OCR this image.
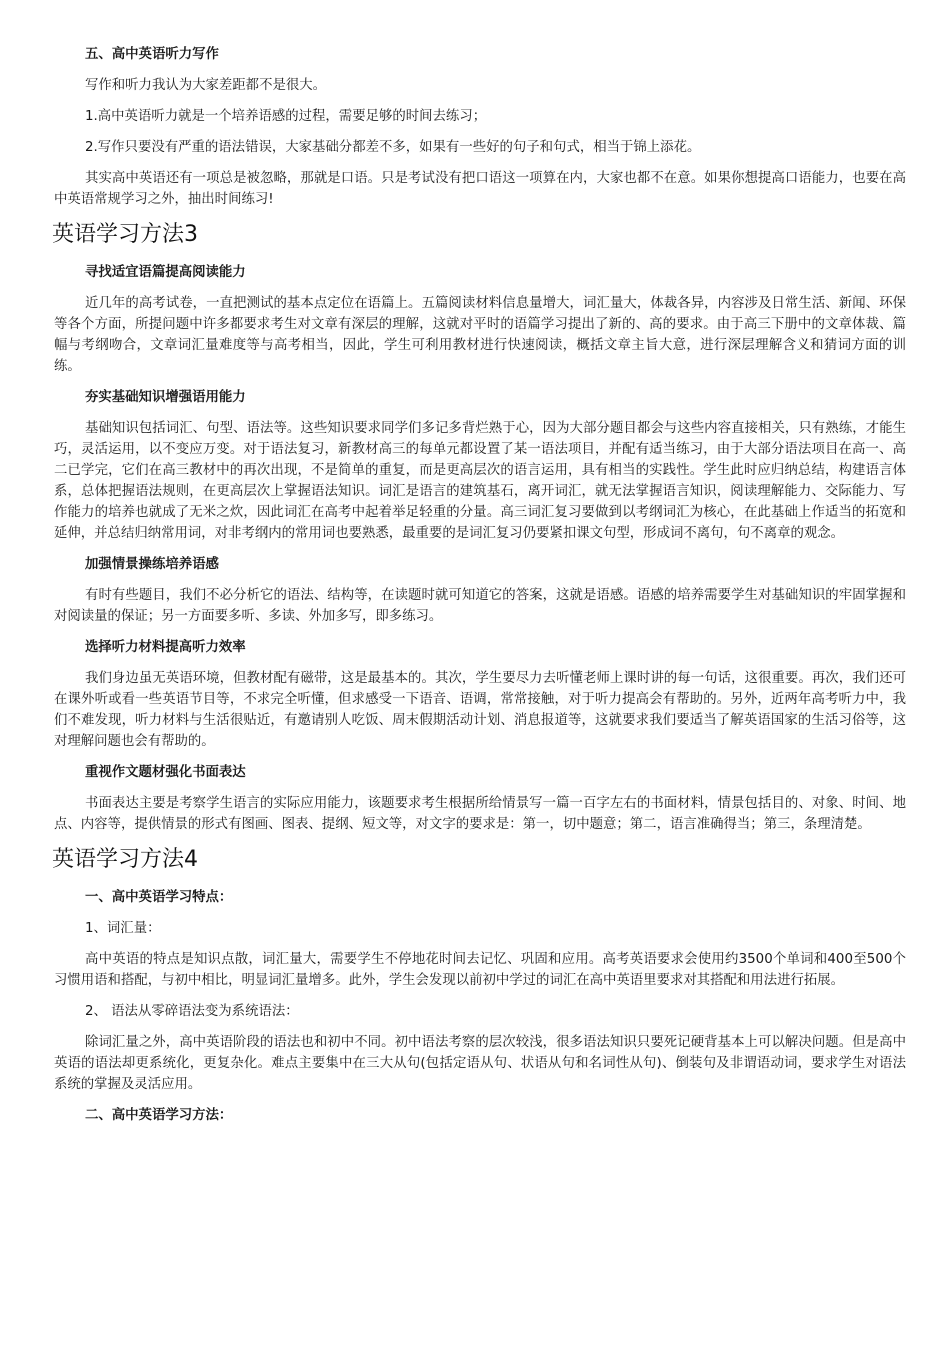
五、高中英语听力写作

写作和听力我认为大家差距都不是很大。

1.高中英语听力就是一个培养语感的过程，需要足够的时间去练习；

2.写作只要没有严重的语法错误，大家基础分都差不多，如果有一些好的句子和句式，相当于锦上添花。

其实高中英语还有一项总是被忽略，那就是口语。只是考试没有把口语这一项算在内，大家也都不在意。如果你想提高口语能力，也要在高中英语常规学习之外，抽出时间练习!

英语学习方法3
寻找适宜语篇提高阅读能力

近几年的高考试卷，一直把测试的基本点定位在语篇上。五篇阅读材料信息量增大，词汇量大，体裁各异，内容涉及日常生活、新闻、环保等各个方面，所提问题中许多都要求考生对文章有深层的理解，这就对平时的语篇学习提出了新的、高的要求。由于高三下册中的文章体裁、篇幅与考纲吻合，文章词汇量难度等与高考相当，因此，学生可利用教材进行快速阅读，概括文章主旨大意，进行深层理解含义和猜词方面的训练。

夯实基础知识增强语用能力

基础知识包括词汇、句型、语法等。这些知识要求同学们多记多背烂熟于心，因为大部分题目都会与这些内容直接相关，只有熟练，才能生巧，灵活运用，以不变应万变。对于语法复习，新教材高三的每单元都设置了某一语法项目，并配有适当练习，由于大部分语法项目在高一、高二已学完，它们在高三教材中的再次出现，不是简单的重复，而是更高层次的语言运用，具有相当的实践性。学生此时应归纳总结，构建语言体系，总体把握语法规则，在更高层次上掌握语法知识。词汇是语言的建筑基石，离开词汇，就无法掌握语言知识，阅读理解能力、交际能力、写作能力的培养也就成了无米之炊，因此词汇在高考中起着举足轻重的分量。高三词汇复习要做到以考纲词汇为核心，在此基础上作适当的拓宽和延伸，并总结归纳常用词，对非考纲内的常用词也要熟悉，最重要的是词汇复习仍要紧扣课文句型，形成词不离句，句不离章的观念。

加强情景操练培养语感

有时有些题目，我们不必分析它的语法、结构等，在读题时就可知道它的答案，这就是语感。语感的培养需要学生对基础知识的牢固掌握和对阅读量的保证；另一方面要多听、多读、外加多写，即多练习。

选择听力材料提高听力效率

我们身边虽无英语环境，但教材配有磁带，这是最基本的。其次，学生要尽力去听懂老师上课时讲的每一句话，这很重要。再次，我们还可在课外听或看一些英语节目等，不求完全听懂，但求感受一下语音、语调，常常接触，对于听力提高会有帮助的。另外，近两年高考听力中，我们不难发现，听力材料与生活很贴近，有邀请别人吃饭、周末假期活动计划、消息报道等，这就要求我们要适当了解英语国家的生活习俗等，这对理解问题也会有帮助的。

重视作文题材强化书面表达

书面表达主要是考察学生语言的实际应用能力，该题要求考生根据所给情景写一篇一百字左右的书面材料，情景包括目的、对象、时间、地点、内容等，提供情景的形式有图画、图表、提纲、短文等，对文字的要求是：第一，切中题意；第二，语言准确得当；第三，条理清楚。

英语学习方法4
一、高中英语学习特点：

1、词汇量：

高中英语的特点是知识点散，词汇量大，需要学生不停地花时间去记忆、巩固和应用。高考英语要求会使用约3500个单词和400至500个习惯用语和搭配，与初中相比，明显词汇量增多。此外，学生会发现以前初中学过的词汇在高中英语里要求对其搭配和用法进行拓展。

2、 语法从零碎语法变为系统语法：

除词汇量之外，高中英语阶段的语法也和初中不同。初中语法考察的层次较浅，很多语法知识只要死记硬背基本上可以解决问题。但是高中英语的语法却更系统化，更复杂化。难点主要集中在三大从句(包括定语从句、状语从句和名词性从句)、倒装句及非谓语动词，要求学生对语法系统的掌握及灵活应用。

二、高中英语学习方法：
